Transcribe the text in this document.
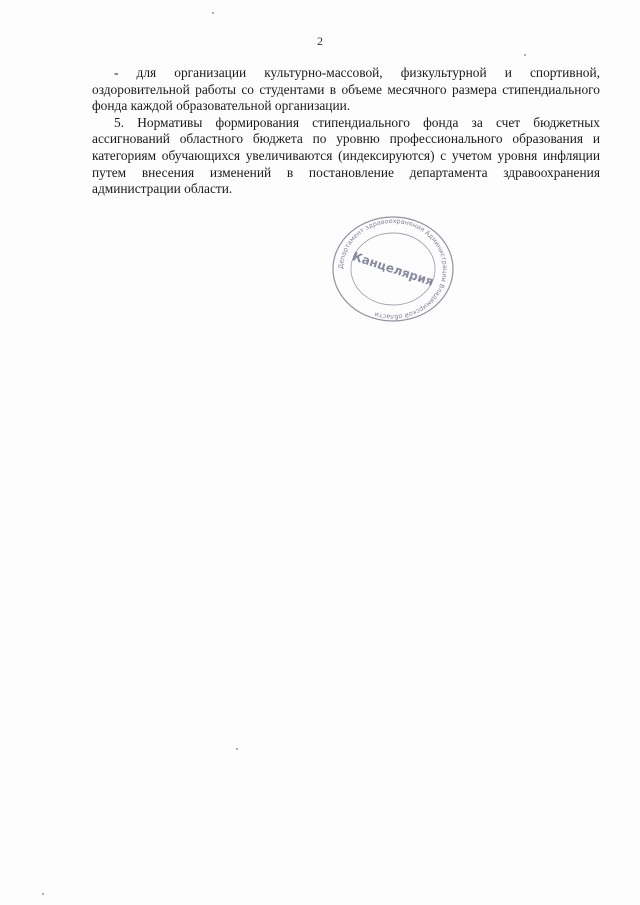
2

- для организации культурно-массовой, физкультурной и спортивной, оздоровительной работы со студентами в объеме месячного размера стипендиального фонда каждой образовательной организации.

5. Нормативы формирования стипендиального фонда за счет бюджетных ассигнований областного бюджета по уровню профессионального образования и категориям обучающихся увеличиваются (индексируются) с учетом уровня инфляции путем внесения изменений в постановление департамента здравоохранения администрации области.

Департамент здравоохранения Администрации Владимирской области
Канцелярия
